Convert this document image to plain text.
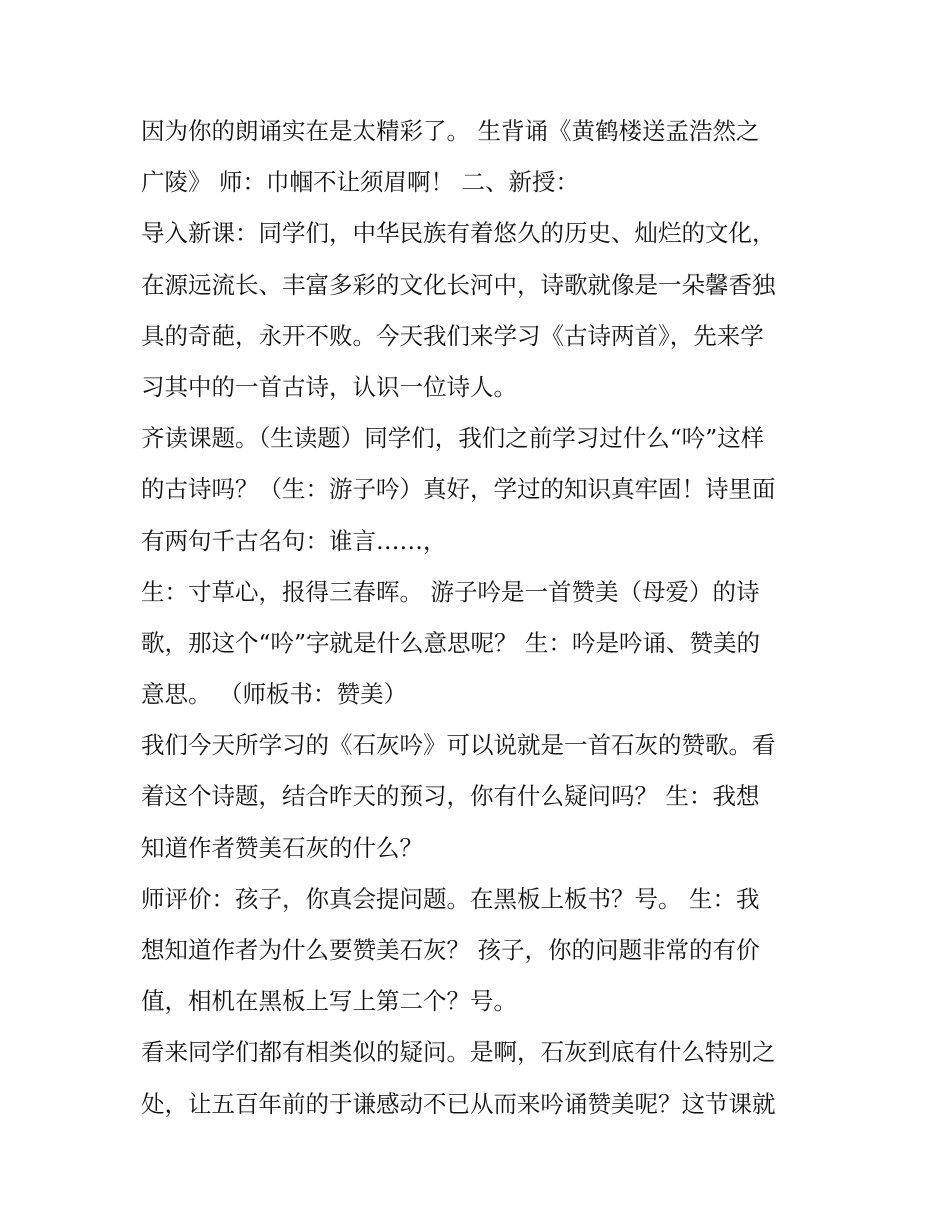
因为你的朗诵实在是太精彩了。 生背诵《黄鹤楼送孟浩然之
广陵》 师：巾帼不让须眉啊！ 二、新授：
导入新课：同学们，中华民族有着悠久的历史、灿烂的文化，
在源远流长、丰富多彩的文化长河中，诗歌就像是一朵馨香独
具的奇葩，永开不败。今天我们来学习《古诗两首》，先来学
习其中的一首古诗，认识一位诗人。
齐读课题。（生读题）同学们，我们之前学习过什么“吟”这样
的古诗吗？（生：游子吟）真好，学过的知识真牢固！诗里面
有两句千古名句：谁言……，
生：寸草心，报得三春晖。 游子吟是一首赞美（母爱）的诗
歌，那这个“吟”字就是什么意思呢？ 生：吟是吟诵、赞美的
意思。 （师板书：赞美）
我们今天所学习的《石灰吟》可以说就是一首石灰的赞歌。看
着这个诗题，结合昨天的预习，你有什么疑问吗？ 生：我想
知道作者赞美石灰的什么？
师评价：孩子，你真会提问题。在黑板上板书？号。 生：我
想知道作者为什么要赞美石灰？ 孩子，你的问题非常的有价
值，相机在黑板上写上第二个？号。
看来同学们都有相类似的疑问。是啊，石灰到底有什么特别之
处，让五百年前的于谦感动不已从而来吟诵赞美呢？这节课就
